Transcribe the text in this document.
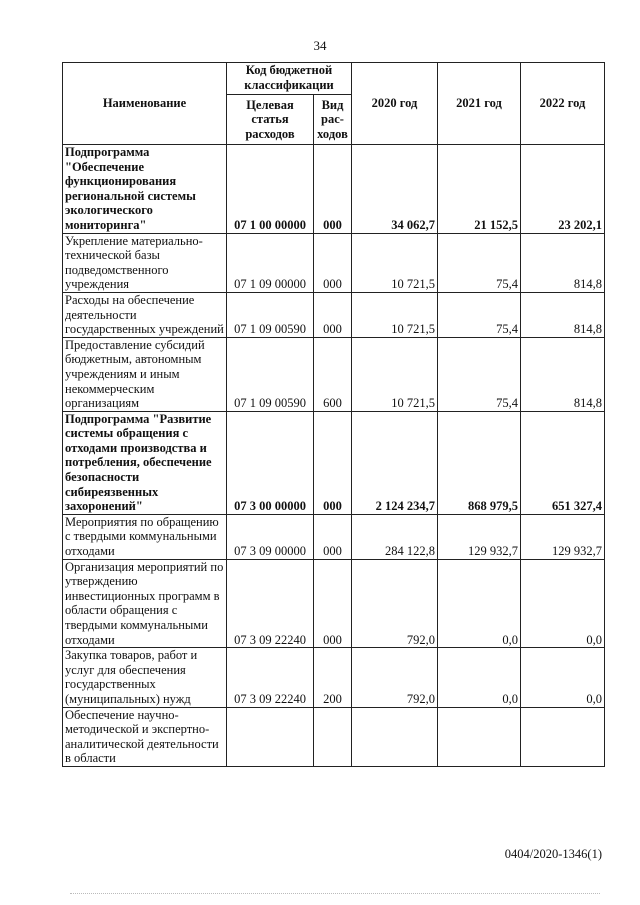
34
Наименование	Код бюджетной классификации		2020 год	2021 год	2022 год
	Целевая статья расходов	Вид рас-ходов			
Подпрограмма "Обеспечение функционирования региональной системы экологического мониторинга"	07 1 00 00000	000	34 062,7	21 152,5	23 202,1
Укрепление материально-технической базы подведомственного учреждения	07 1 09 00000	000	10 721,5	75,4	814,8
Расходы на обеспечение деятельности государственных учреждений	07 1 09 00590	000	10 721,5	75,4	814,8
Предоставление субсидий бюджетным, автономным учреждениям и иным некоммерческим организациям	07 1 09 00590	600	10 721,5	75,4	814,8
Подпрограмма "Развитие системы обращения с отходами производства и потребления, обеспечение безопасности сибиреязвенных захоронений"	07 3 00 00000	000	2 124 234,7	868 979,5	651 327,4
Мероприятия по обращению с твердыми коммунальными отходами	07 3 09 00000	000	284 122,8	129 932,7	129 932,7
Организация мероприятий по утверждению инвестиционных программ в области обращения с твердыми коммунальными отходами	07 3 09 22240	000	792,0	0,0	0,0
Закупка товаров, работ и услуг для обеспечения государственных (муниципальных) нужд	07 3 09 22240	200	792,0	0,0	0,0
Обеспечение научно-методической и экспертно-аналитической деятельности в области					
0404/2020-1346(1)
